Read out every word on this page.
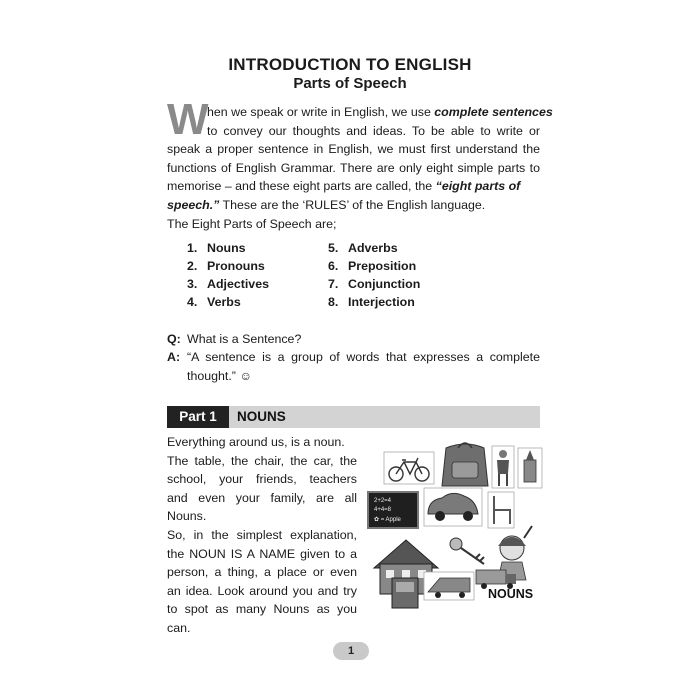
INTRODUCTION TO ENGLISH
Parts of Speech
W
hen we speak or write in English, we use complete sentences
to convey our thoughts and ideas. To be able to write or
speak a proper sentence in English, we must first understand the
functions of English Grammar. There are only eight simple parts to
memorise – and these eight parts are called, the “eight parts of
speech.” These are the ‘RULES’ of the English language.
The Eight Parts of Speech are;
1. Nouns
2. Pronouns
3. Adjectives
4. Verbs
5. Adverbs
6. Preposition
7. Conjunction
8. Interjection
Q: What is a Sentence?
A: “A sentence is a group of words that expresses a complete
thought.” ☺
Part 1	NOUNS
Everything around us, is a noun.
The table, the chair, the car, the
school, your friends, teachers
and even your family, are all
Nouns.
So, in the simplest explanation,
the NOUN IS A NAME given to a
person, a thing, a place or even
an idea. Look around you and try
to spot as many Nouns as you
can.
2+2=4
4+4=8
✿ = Apple
NOUNS
1
